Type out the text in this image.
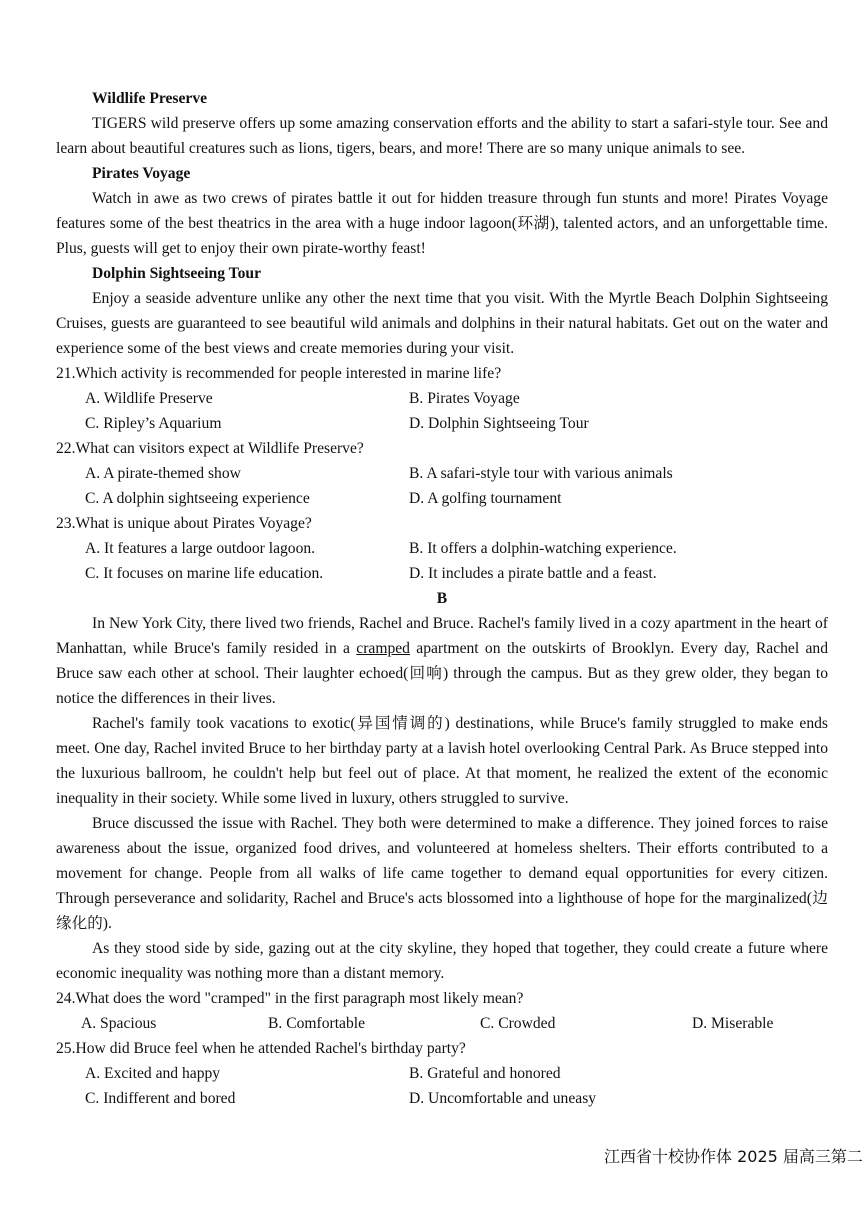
Wildlife Preserve

TIGERS wild preserve offers up some amazing conservation efforts and the ability to start a safari-style tour. See and learn about beautiful creatures such as lions, tigers, bears, and more! There are so many unique animals to see.

Pirates Voyage

Watch in awe as two crews of pirates battle it out for hidden treasure through fun stunts and more! Pirates Voyage features some of the best theatrics in the area with a huge indoor lagoon(环湖), talented actors, and an unforgettable time. Plus, guests will get to enjoy their own pirate-worthy feast!

Dolphin Sightseeing Tour

Enjoy a seaside adventure unlike any other the next time that you visit. With the Myrtle Beach Dolphin Sightseeing Cruises, guests are guaranteed to see beautiful wild animals and dolphins in their natural habitats. Get out on the water and experience some of the best views and create memories during your visit.

21.Which activity is recommended for people interested in marine life?
A. Wildlife Preserve	B. Pirates Voyage
C. Ripley’s Aquarium	D. Dolphin Sightseeing Tour
22.What can visitors expect at Wildlife Preserve?
A. A pirate-themed show	B. A safari-style tour with various animals
C. A dolphin sightseeing experience	D. A golfing tournament
23.What is unique about Pirates Voyage?
A. It features a large outdoor lagoon.	B. It offers a dolphin-watching experience.
C. It focuses on marine life education.	D. It includes a pirate battle and a feast.
B

In New York City, there lived two friends, Rachel and Bruce. Rachel's family lived in a cozy apartment in the heart of Manhattan, while Bruce's family resided in a cramped apartment on the outskirts of Brooklyn. Every day, Rachel and Bruce saw each other at school. Their laughter echoed(回响) through the campus. But as they grew older, they began to notice the differences in their lives.

Rachel's family took vacations to exotic(异国情调的) destinations, while Bruce's family struggled to make ends meet. One day, Rachel invited Bruce to her birthday party at a lavish hotel overlooking Central Park. As Bruce stepped into the luxurious ballroom, he couldn't help but feel out of place. At that moment, he realized the extent of the economic inequality in their society. While some lived in luxury, others struggled to survive.

Bruce discussed the issue with Rachel. They both were determined to make a difference. They joined forces to raise awareness about the issue, organized food drives, and volunteered at homeless shelters. Their efforts contributed to a movement for change. People from all walks of life came together to demand equal opportunities for every citizen. Through perseverance and solidarity, Rachel and Bruce's acts blossomed into a lighthouse of hope for the marginalized(边缘化的).

As they stood side by side, gazing out at the city skyline, they hoped that together, they could create a future where economic inequality was nothing more than a distant memory.

24.What does the word "cramped" in the first paragraph most likely mean?
A. Spacious	B. Comfortable	C. Crowded	D. Miserable
25.How did Bruce feel when he attended Rachel's birthday party?
A. Excited and happy	B. Grateful and honored
C. Indifferent and bored	D. Uncomfortable and uneasy
江西省十校协作体 2025 届高三第二
